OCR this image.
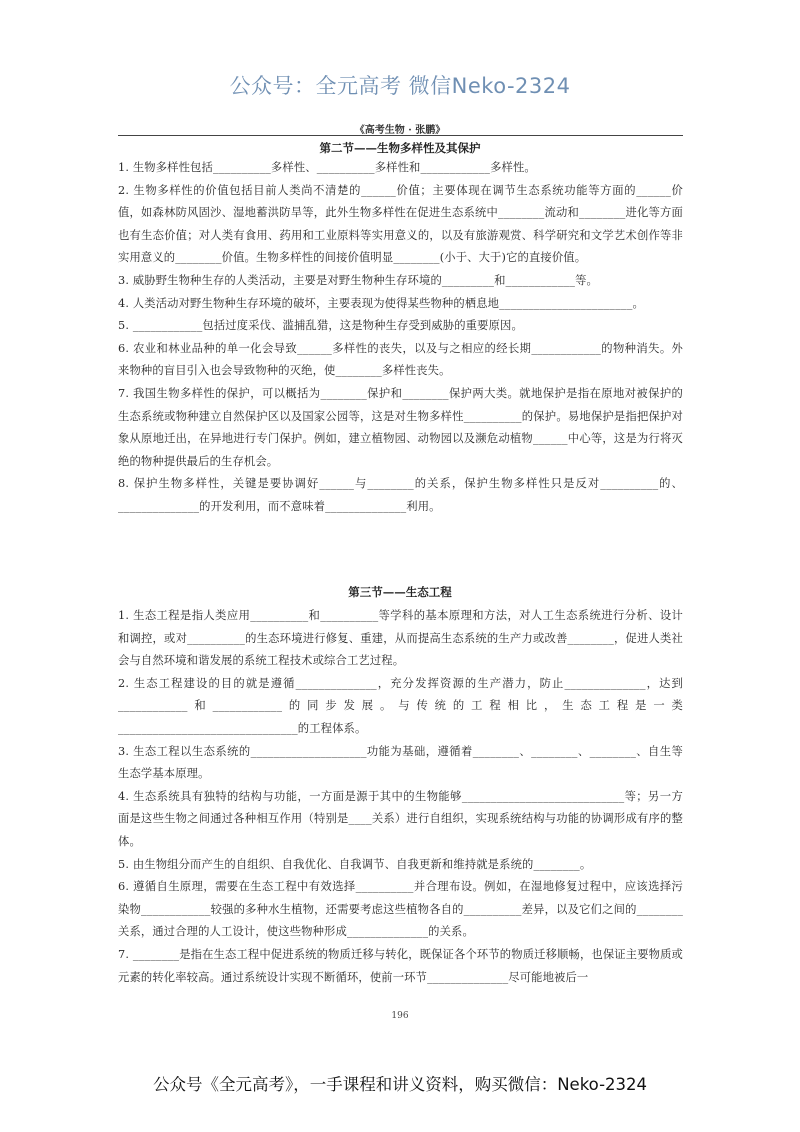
公众号：全元高考 微信Neko-2324
《高考生物 · 张鹏》
第二节——生物多样性及其保护

1. 生物多样性包括__________多样性、__________多样性和____________多样性。

2. 生物多样性的价值包括目前人类尚不清楚的______价值；主要体现在调节生态系统功能等方面的______价值，如森林防风固沙、湿地蓄洪防旱等，此外生物多样性在促进生态系统中________流动和________进化等方面也有生态价值；对人类有食用、药用和工业原料等实用意义的，以及有旅游观赏、科学研究和文学艺术创作等非实用意义的________价值。生物多样性的间接价值明显________(小于、大于)它的直接价值。

3. 威胁野生物种生存的人类活动，主要是对野生物种生存环境的_________和____________等。

4. 人类活动对野生物种生存环境的破坏，主要表现为使得某些物种的栖息地_______________________。

5. ____________包括过度采伐、滥捕乱猎，这是物种生存受到威胁的重要原因。

6. 农业和林业品种的单一化会导致______多样性的丧失，以及与之相应的经长期____________的物种消失。外来物种的盲目引入也会导致物种的灭绝，使________多样性丧失。

7. 我国生物多样性的保护，可以概括为________保护和________保护两大类。就地保护是指在原地对被保护的生态系统或物种建立自然保护区以及国家公园等，这是对生物多样性__________的保护。易地保护是指把保护对象从原地迁出，在异地进行专门保护。例如，建立植物园、动物园以及濒危动植物______中心等，这是为行将灭绝的物种提供最后的生存机会。

8. 保护生物多样性，关键是要协调好______与________的关系，保护生物多样性只是反对__________的、______________的开发利用，而不意味着______________利用。

第三节——生态工程

1. 生态工程是指人类应用__________和__________等学科的基本原理和方法，对人工生态系统进行分析、设计和调控，或对__________的生态环境进行修复、重建，从而提高生态系统的生产力或改善________，促进人类社会与自然环境和谐发展的系统工程技术或综合工艺过程。

2. 生态工程建设的目的就是遵循______________，充分发挥资源的生产潜力，防止______________，达到____________和____________的同步发展。与传统的工程相比，生态工程是一类_______________________________的工程体系。

3. 生态工程以生态系统的____________________功能为基础，遵循着________、________、________、自生等生态学基本原理。

4. 生态系统具有独特的结构与功能，一方面是源于其中的生物能够____________________________等；另一方面是这些生物之间通过各种相互作用（特别是____关系）进行自组织，实现系统结构与功能的协调形成有序的整体。

5. 由生物组分而产生的自组织、自我优化、自我调节、自我更新和维持就是系统的________。

6. 遵循自生原理，需要在生态工程中有效选择__________并合理布设。例如，在湿地修复过程中，应该选择污染物____________较强的多种水生植物，还需要考虑这些植物各自的__________差异，以及它们之间的________关系，通过合理的人工设计，使这些物种形成______________的关系。

7. ________是指在生态工程中促进系统的物质迁移与转化，既保证各个环节的物质迁移顺畅，也保证主要物质或元素的转化率较高。通过系统设计实现不断循环，使前一环节______________尽可能地被后一

196
公众号《全元高考》，一手课程和讲义资料，购买微信：Neko-2324
